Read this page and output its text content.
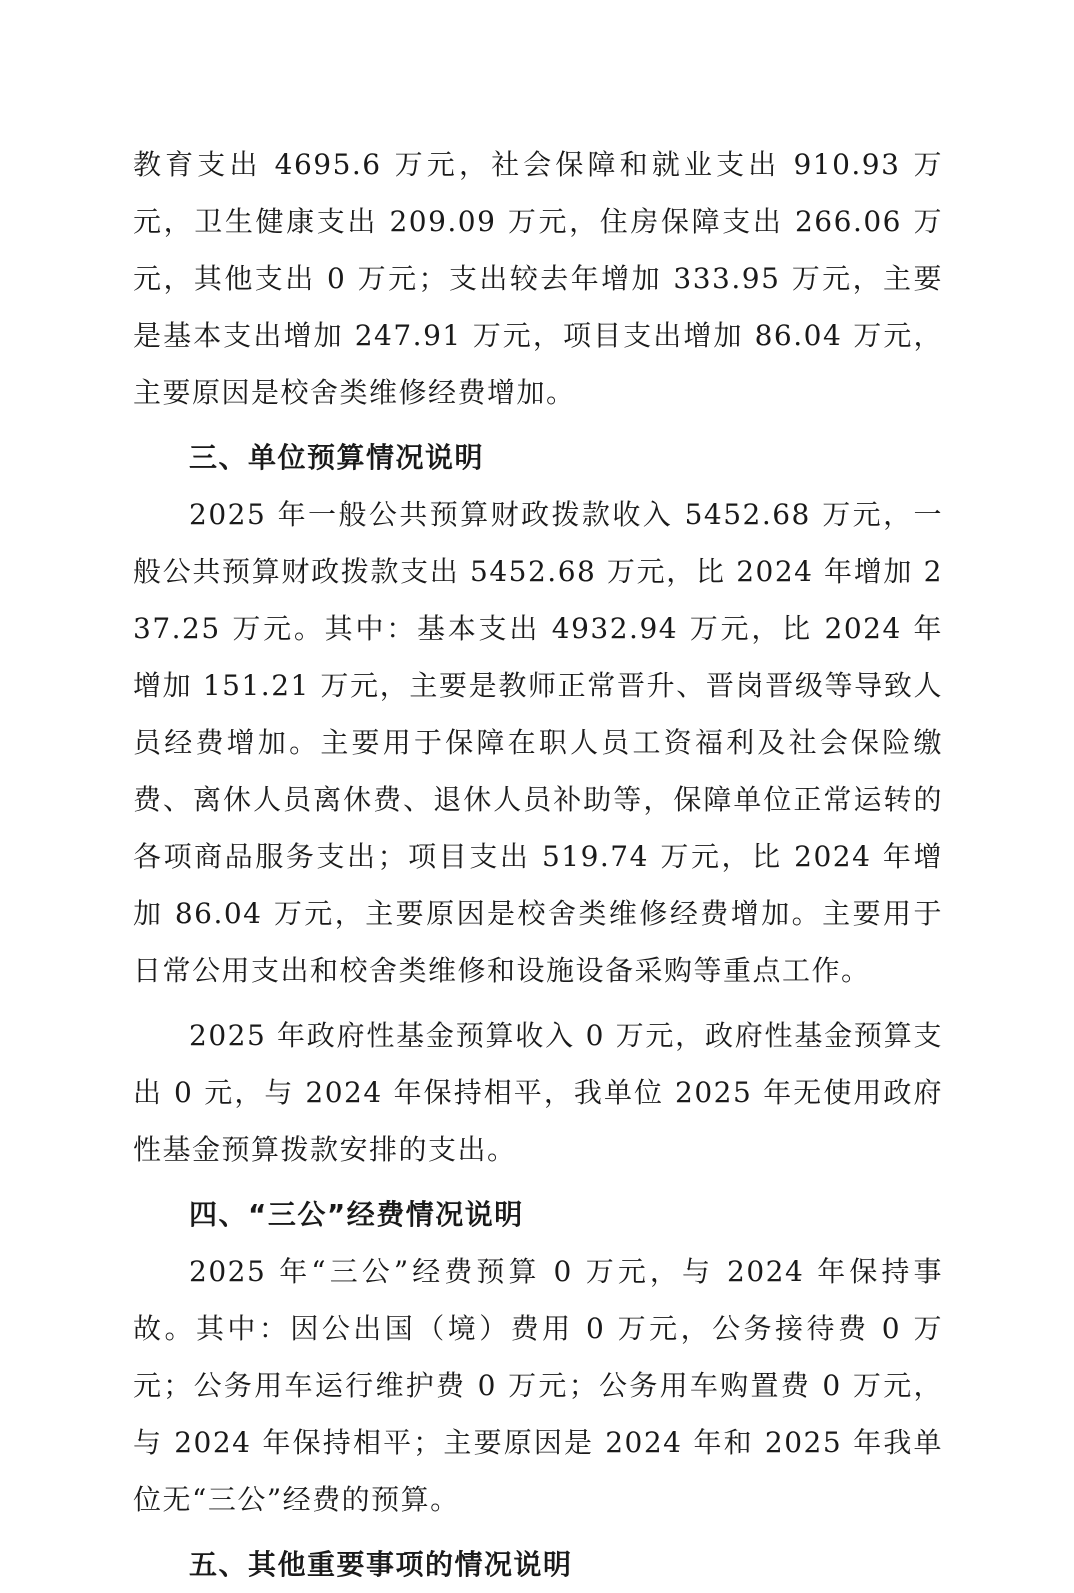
教育支出 4695.6 万元，社会保障和就业支出 910.93 万元，卫生健康支出 209.09 万元，住房保障支出 266.06 万元，其他支出 0 万元；支出较去年增加 333.95 万元，主要是基本支出增加 247.91 万元，项目支出增加 86.04 万元，主要原因是校舍类维修经费增加。

三、单位预算情况说明

2025 年一般公共预算财政拨款收入 5452.68 万元，一般公共预算财政拨款支出 5452.68 万元，比 2024 年增加 237.25 万元。其中：基本支出 4932.94 万元，比 2024 年增加 151.21 万元，主要是教师正常晋升、晋岗晋级等导致人员经费增加。主要用于保障在职人员工资福利及社会保险缴费、离休人员离休费、退休人员补助等，保障单位正常运转的各项商品服务支出；项目支出 519.74 万元，比 2024 年增加 86.04 万元，主要原因是校舍类维修经费增加。主要用于日常公用支出和校舍类维修和设施设备采购等重点工作。

2025 年政府性基金预算收入 0 万元，政府性基金预算支出 0 元，与 2024 年保持相平，我单位 2025 年无使用政府性基金预算拨款安排的支出。

四、“三公”经费情况说明

2025 年“三公”经费预算 0 万元，与 2024 年保持事故。其中：因公出国（境）费用 0 万元，公务接待费 0 万元；公务用车运行维护费 0 万元；公务用车购置费 0 万元，与 2024 年保持相平；主要原因是 2024 年和 2025 年我单位无“三公”经费的预算。

五、其他重要事项的情况说明
